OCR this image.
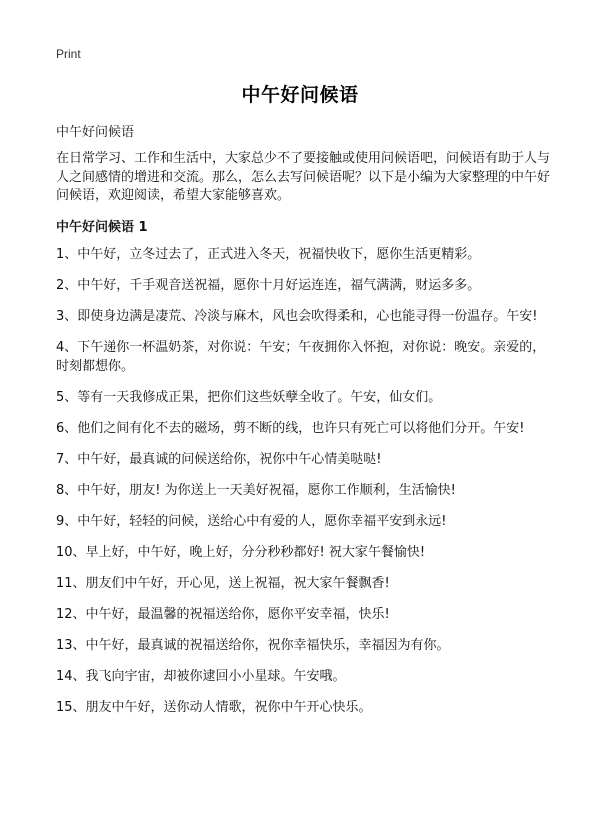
Print
中午好问候语
中午好问候语
在日常学习、工作和生活中，大家总少不了要接触或使用问候语吧，问候语有助于人与人之间感情的增进和交流。那么，怎么去写问候语呢？以下是小编为大家整理的中午好问候语，欢迎阅读，希望大家能够喜欢。
中午好问候语 1
1、中午好，立冬过去了，正式进入冬天，祝福快收下，愿你生活更精彩。
2、中午好，千手观音送祝福，愿你十月好运连连，福气满满，财运多多。
3、即使身边满是凄荒、冷淡与麻木，风也会吹得柔和，心也能寻得一份温存。午安!
4、下午递你一杯温奶茶，对你说：午安；午夜拥你入怀抱，对你说：晚安。亲爱的，时刻都想你。
5、等有一天我修成正果，把你们这些妖孽全收了。午安，仙女们。
6、他们之间有化不去的磁场，剪不断的线，也许只有死亡可以将他们分开。午安!
7、中午好，最真诚的问候送给你，祝你中午心情美哒哒!
8、中午好，朋友! 为你送上一天美好祝福，愿你工作顺利，生活愉快!
9、中午好，轻轻的问候，送给心中有爱的人，愿你幸福平安到永远!
10、早上好，中午好，晚上好，分分秒秒都好! 祝大家午餐愉快!
11、朋友们中午好，开心见，送上祝福，祝大家午餐飘香!
12、中午好，最温馨的祝福送给你，愿你平安幸福，快乐!
13、中午好，最真诚的祝福送给你，祝你幸福快乐，幸福因为有你。
14、我飞向宇宙，却被你逮回小小星球。午安哦。
15、朋友中午好，送你动人情歌，祝你中午开心快乐。
